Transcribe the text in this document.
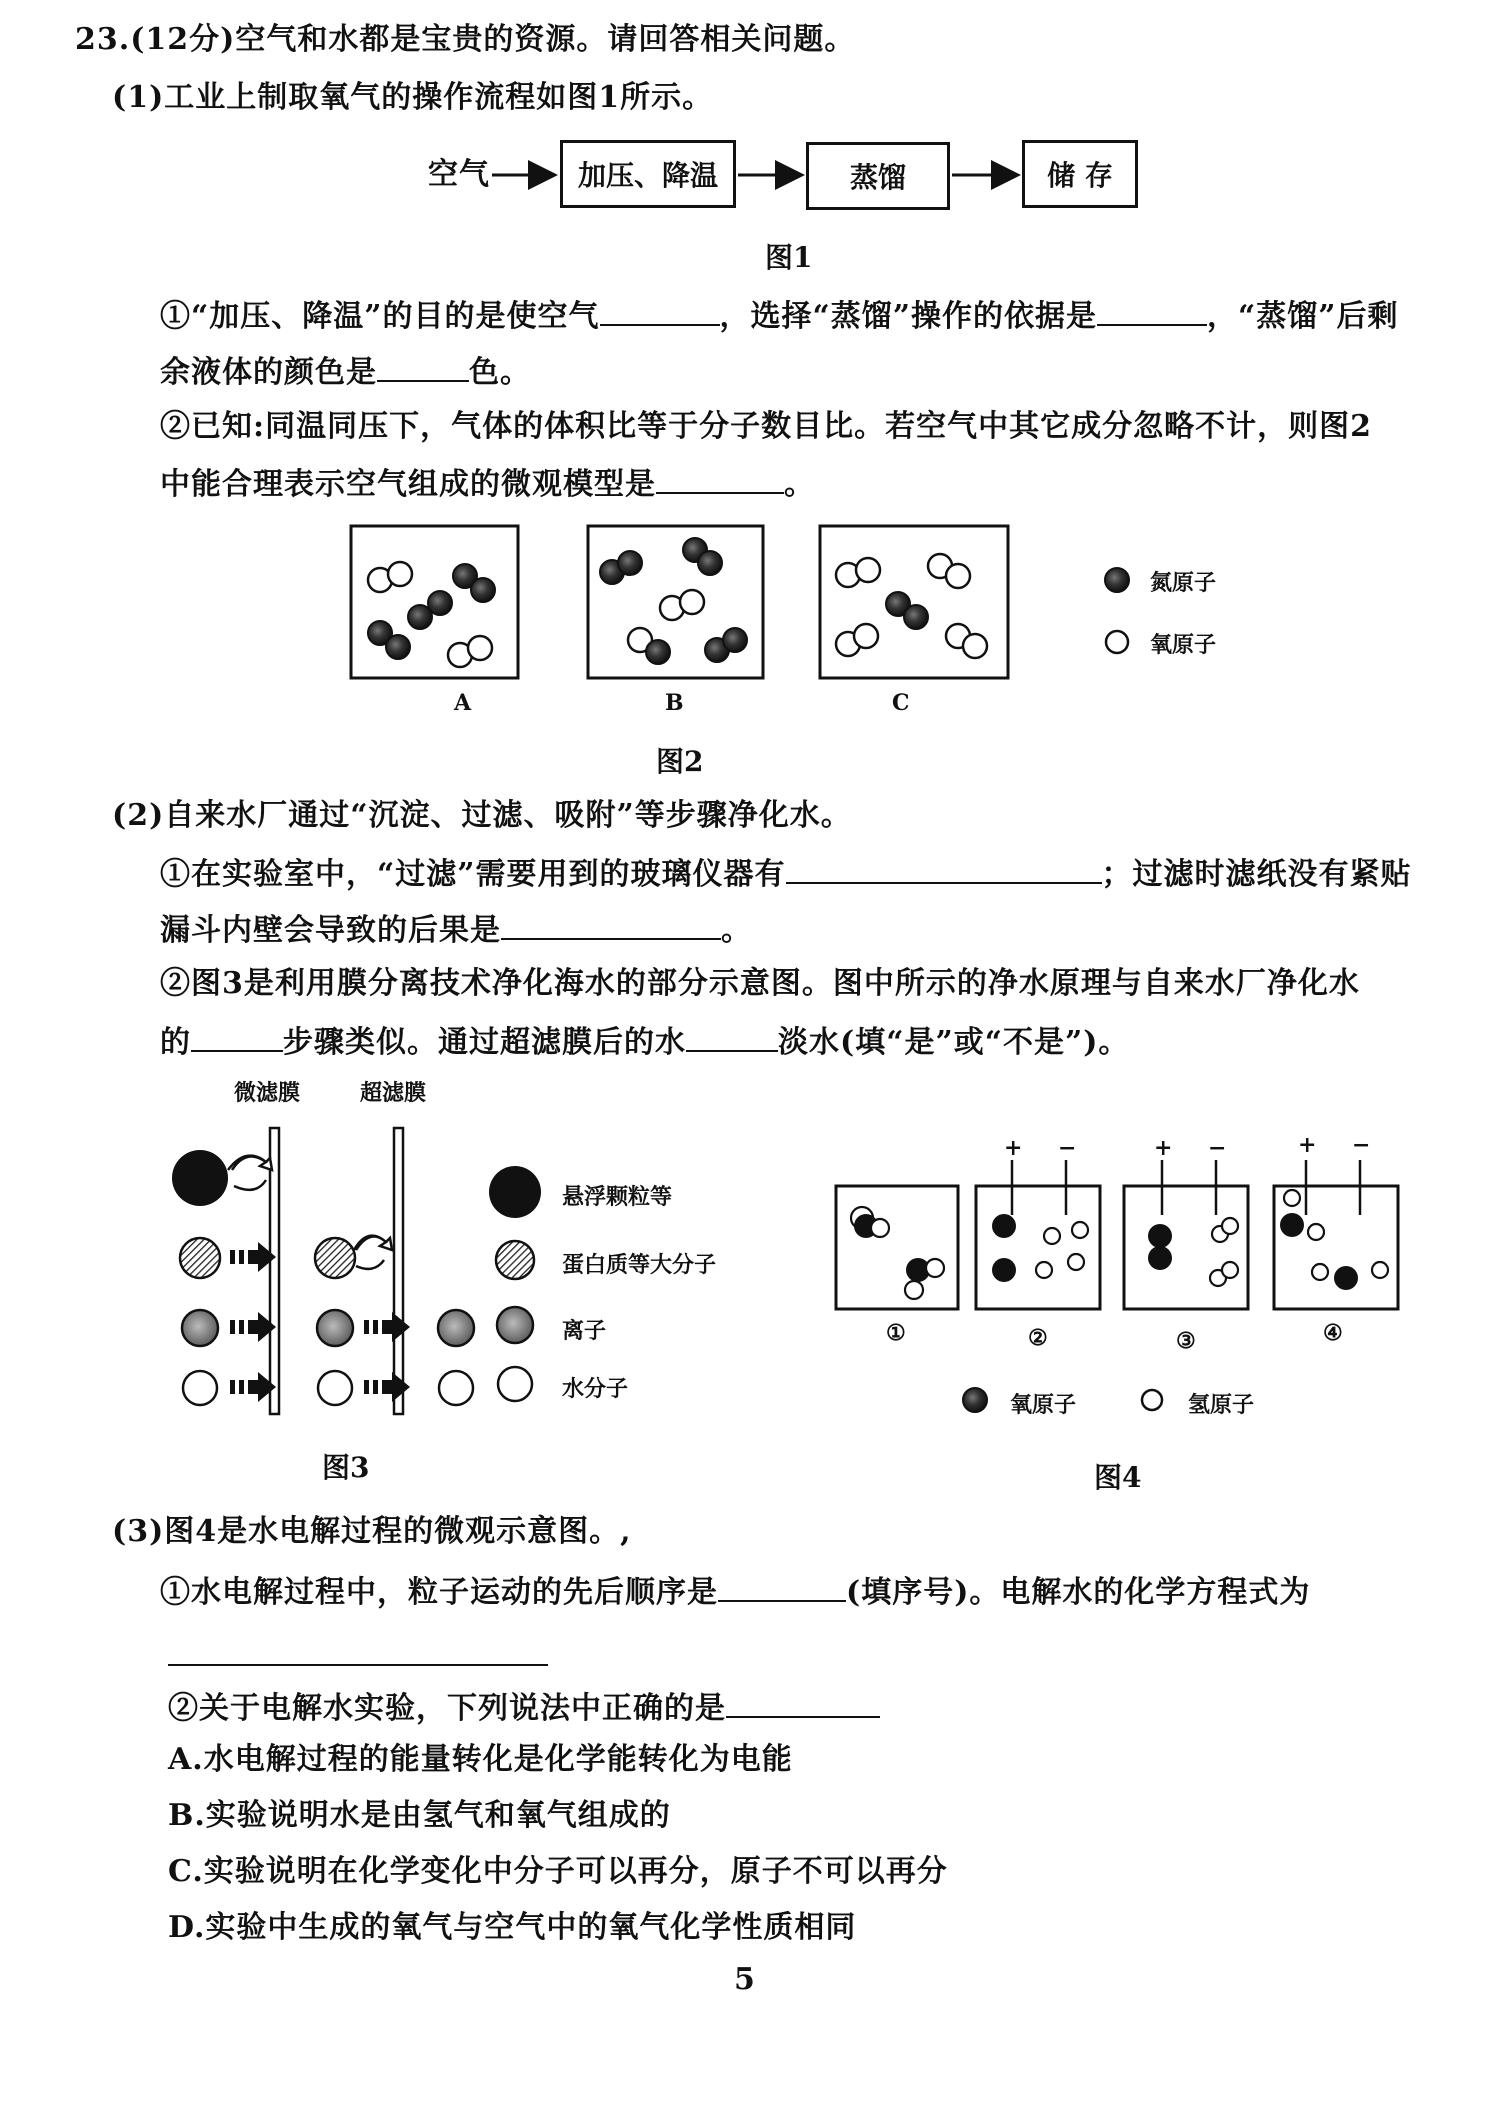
23.(12分)空气和水都是宝贵的资源。请回答相关问题。
(1)工业上制取氧气的操作流程如图1所示。
空气	加压、降温	蒸馏	储 存
图1
①“加压、降温”的目的是使空气	，选择“蒸馏”操作的依据是	，“蒸馏”后剩
余液体的颜色是	色。
②已知:同温同压下，气体的体积比等于分子数目比。若空气中其它成分忽略不计，则图2
中能合理表示空气组成的微观模型是	。
氮原子
氧原子
A	B	C
图2
(2)自来水厂通过“沉淀、过滤、吸附”等步骤净化水。
①在实验室中，“过滤”需要用到的玻璃仪器有	；过滤时滤纸没有紧贴
漏斗内壁会导致的后果是	。
②图3是利用膜分离技术净化海水的部分示意图。图中所示的净水原理与自来水厂净化水
的	步骤类似。通过超滤膜后的水	淡水(填“是”或“不是”)。
微滤膜	超滤膜
悬浮颗粒等
蛋白质等大分子
离子
水分子
图3
+ −	+ −	+ −
①	②	③	④
氧原子	氢原子
图4
(3)图4是水电解过程的微观示意图。,
①水电解过程中，粒子运动的先后顺序是	(填序号)。电解水的化学方程式为
②关于电解水实验，下列说法中正确的是
A.水电解过程的能量转化是化学能转化为电能
B.实验说明水是由氢气和氧气组成的
C.实验说明在化学变化中分子可以再分，原子不可以再分
D.实验中生成的氧气与空气中的氧气化学性质相同
5
